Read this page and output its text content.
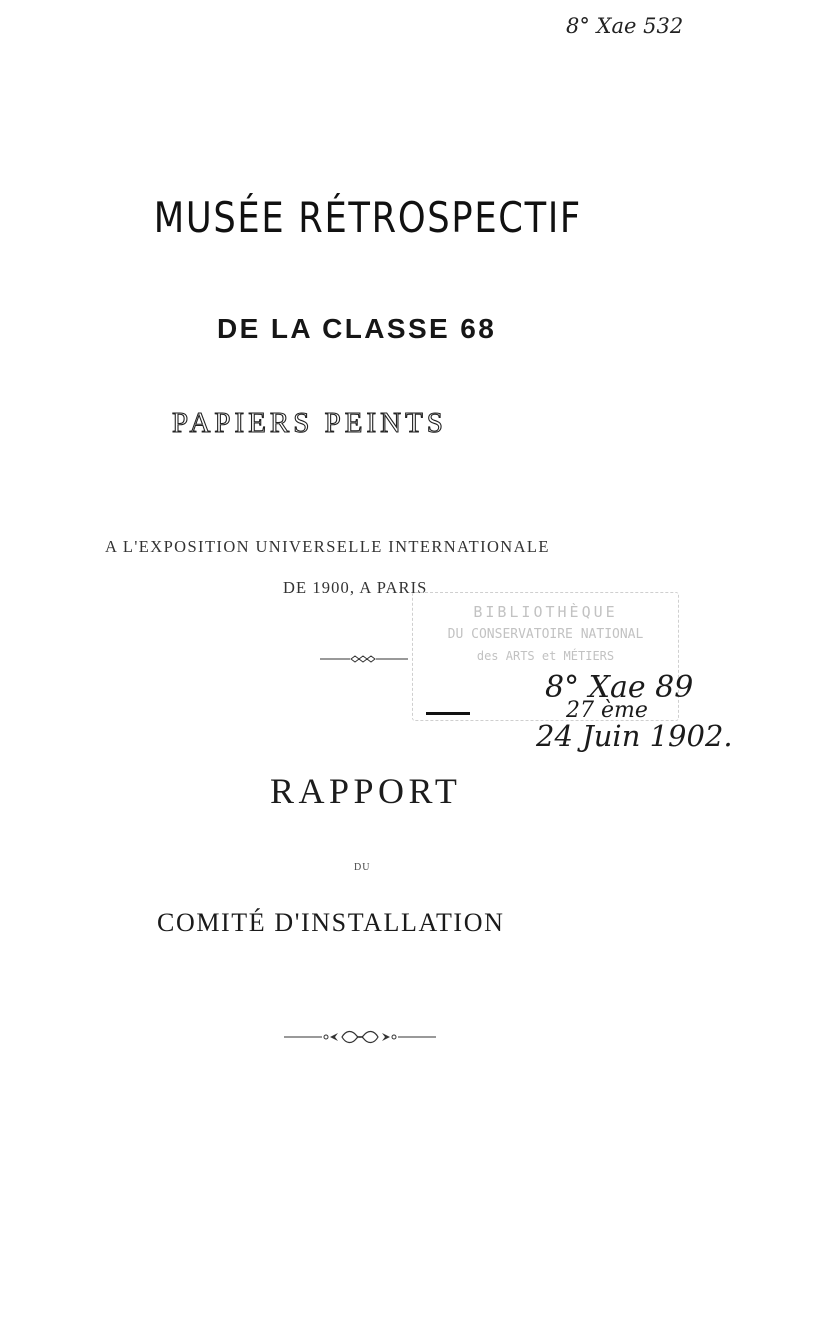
8° Xae 532
MUSÉE RÉTROSPECTIF
DE LA CLASSE 68
PAPIERS PEINTS
A L'EXPOSITION UNIVERSELLE INTERNATIONALE
DE 1900, A PARIS
BIBLIOTHÈQUE
DU CONSERVATOIRE NATIONAL
des ARTS et MÉTIERS
8° Xae 89
27 ème
24 Juin 1902.
RAPPORT
DU
COMITÉ D'INSTALLATION
